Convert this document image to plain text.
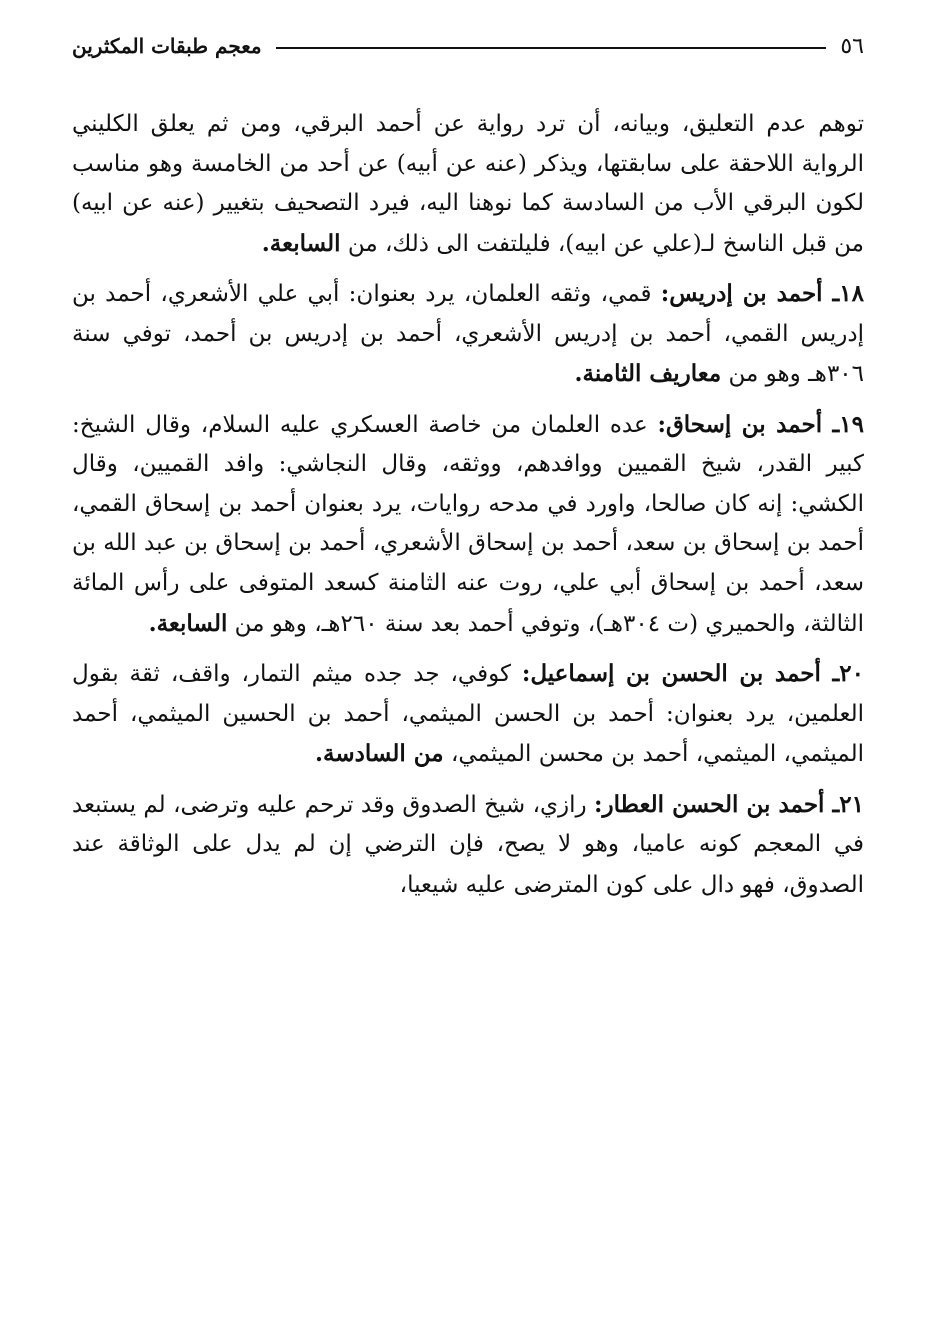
٥٦
معجم طبقات المكثرين

توهم عدم التعليق، وبيانه، أن ترد رواية عن أحمد البرقي، ومن ثم يعلق الكليني الرواية اللاحقة على سابقتها، ويذكر (عنه عن أبيه) عن أحد من الخامسة وهو مناسب لكون البرقي الأب من السادسة كما نوهنا اليه، فيرد التصحيف بتغيير (عنه عن ابيه) من قبل الناسخ لـ(علي عن ابيه)، فليلتفت الى ذلك، من السابعة.

١٨ـ أحمد بن إدريس: قمي، وثقه العلمان، يرد بعنوان: أبي علي الأشعري، أحمد بن إدريس القمي، أحمد بن إدريس الأشعري، أحمد بن إدريس بن أحمد، توفي سنة ٣٠٦هـ وهو من معاريف الثامنة.

١٩ـ أحمد بن إسحاق: عده العلمان من خاصة العسكري عليه السلام، وقال الشيخ: كبير القدر، شيخ القميين ووافدهم، ووثقه، وقال النجاشي: وافد القميين، وقال الكشي: إنه كان صالحا، واورد في مدحه روايات، يرد بعنوان أحمد بن إسحاق القمي، أحمد بن إسحاق بن سعد، أحمد بن إسحاق الأشعري، أحمد بن إسحاق بن عبد الله بن سعد، أحمد بن إسحاق أبي علي، روت عنه الثامنة كسعد المتوفى على رأس المائة الثالثة، والحميري (ت ٣٠٤هـ)، وتوفي أحمد بعد سنة ٢٦٠هـ، وهو من السابعة.

٢٠ـ أحمد بن الحسن بن إسماعيل: كوفي، جد جده ميثم التمار، واقف، ثقة بقول العلمين، يرد بعنوان: أحمد بن الحسن الميثمي، أحمد بن الحسين الميثمي، أحمد الميثمي، الميثمي، أحمد بن محسن الميثمي، من السادسة.

٢١ـ أحمد بن الحسن العطار: رازي، شيخ الصدوق وقد ترحم عليه وترضى، لم يستبعد في المعجم كونه عاميا، وهو لا يصح، فإن الترضي إن لم يدل على الوثاقة عند الصدوق، فهو دال على كون المترضى عليه شيعيا،
